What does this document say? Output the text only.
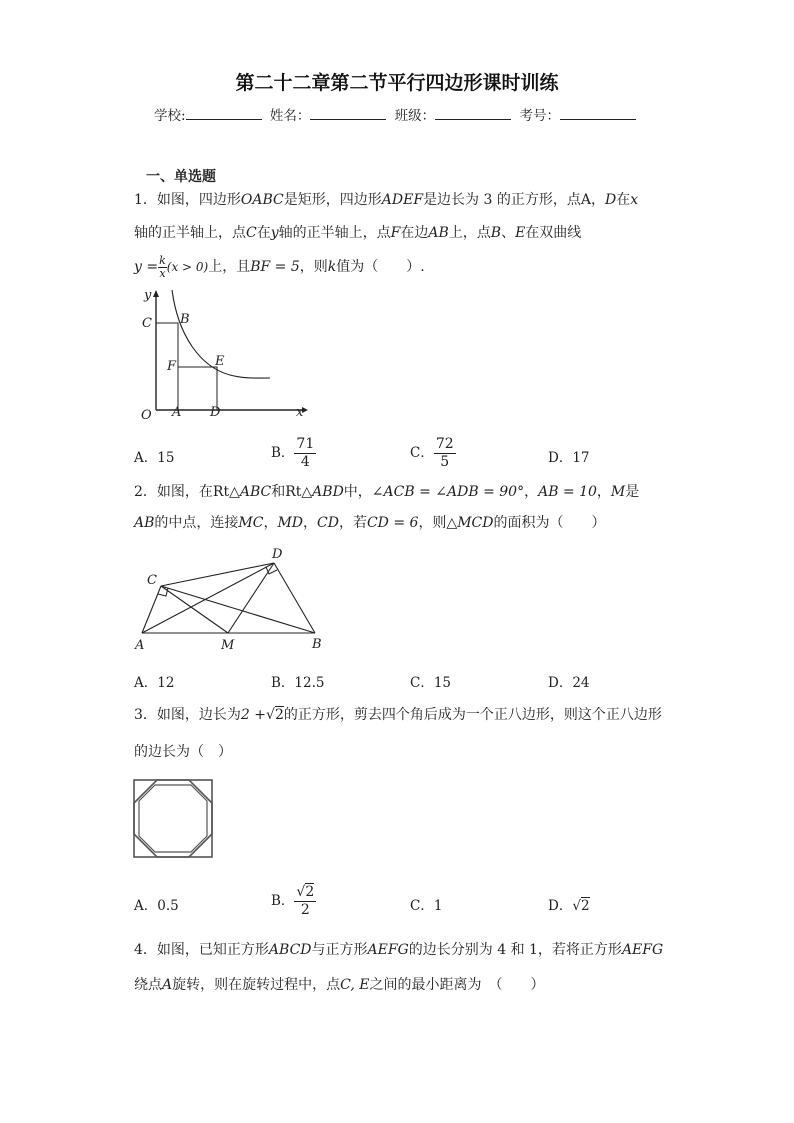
第二十二章第二节平行四边形课时训练
学校:	姓名：	班级：	考号：
一、单选题
1．如图，四边形OABC是矩形，四边形ADEF是边长为 3 的正方形，点A，D在x
轴的正半轴上，点C在y轴的正半轴上，点F在边AB上，点B、E在双曲线
$y = \frac{k}{x} (x > 0)$上，且BF = 5，则k值为（　　）.
y
C B
F	E
O A D	x
A．15	B． $\frac{71}{4}$	C． $\frac{72}{5}$	D．17
2．如图，在Rt△ABC和Rt△ABD中，∠ACB = ∠ADB = 90°，AB = 10，M是
AB的中点，连接MC，MD，CD，若CD = 6，则△MCD的面积为（　　）
D
C
A	M	B
A．12	B．12.5	C．15	D．24
3．如图，边长为2 +√2的正方形，剪去四个角后成为一个正八边形，则这个正八边形
的边长为（　）
A．0.5	B． $\frac{√2}{2}$	C．1	D．√2
4．如图，已知正方形ABCD与正方形AEFG的边长分别为 4 和 1，若将正方形AEFG
绕点A旋转，则在旋转过程中，点C, E之间的最小距离为　（　　）
